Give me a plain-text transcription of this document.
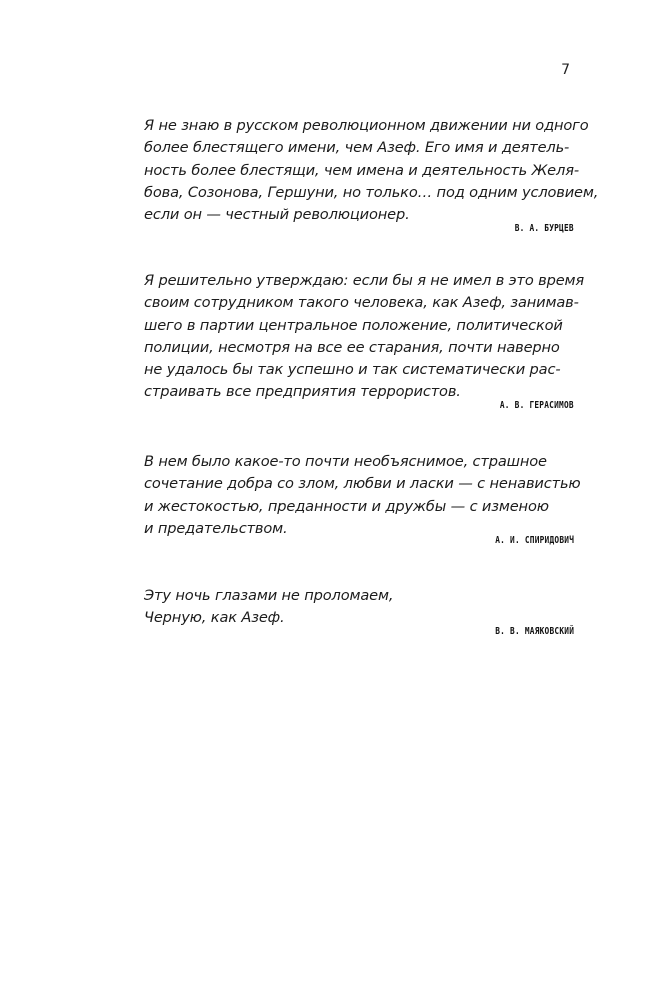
7
Я не знаю в русском революционном движении ни одного
более блестящего имени, чем Азеф. Его имя и деятель-
ность более блестящи, чем имена и деятельность Желя-
бова, Созонова, Гершуни, но только… под одним условием,
если он — честный революционер.
В. А. БУРЦЕВ
Я решительно утверждаю: если бы я не имел в это время
своим сотрудником такого человека, как Азеф, занимав-
шего в партии центральное положение, политической
полиции, несмотря на все ее старания, почти наверно
не удалось бы так успешно и так систематически рас-
страивать все предприятия террористов.
А. В. ГЕРАСИМОВ
В нем было какое-то почти необъяснимое, страшное
сочетание добра со злом, любви и ласки — с ненавистью
и жестокостью, преданности и дружбы — с изменою
и предательством.
А. И. СПИРИДОВИЧ
Эту ночь глазами не проломаем,
Черную, как Азеф.
В. В. МАЯКОВСКИЙ
